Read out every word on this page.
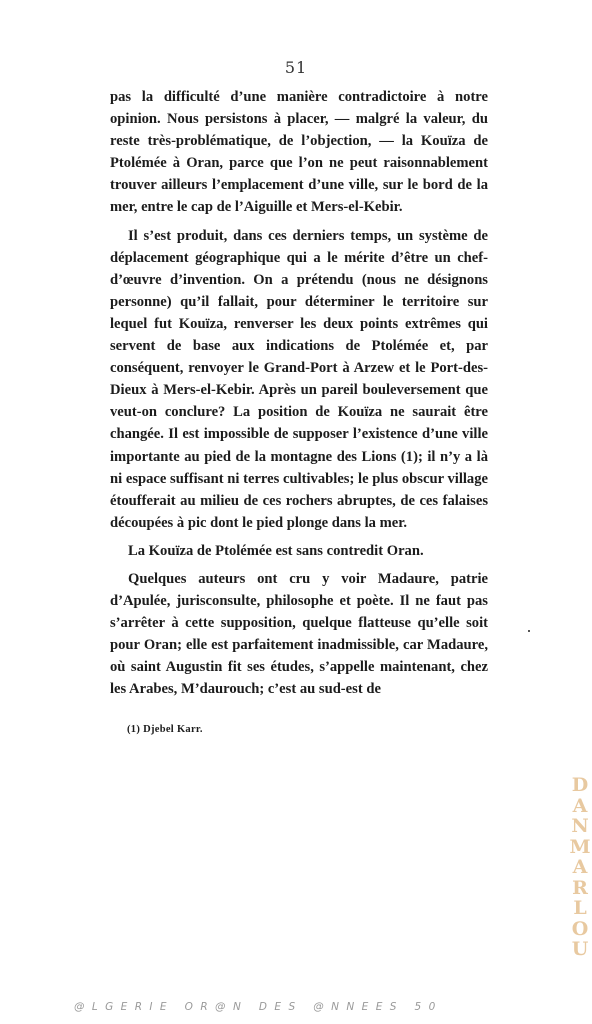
51

pas la difficulté d’une manière contradictoire à notre opinion. Nous persistons à placer, — malgré la valeur, du reste très-problématique, de l’objection, — la Kouïza de Ptolémée à Oran, parce que l’on ne peut raisonnablement trouver ailleurs l’emplacement d’une ville, sur le bord de la mer, entre le cap de l’Aiguille et Mers-el-Kebir.

Il s’est produit, dans ces derniers temps, un système de déplacement géographique qui a le mérite d’être un chef-d’œuvre d’invention. On a prétendu (nous ne désignons personne) qu’il fallait, pour déterminer le territoire sur lequel fut Kouïza, renverser les deux points extrêmes qui servent de base aux indications de Ptolémée et, par conséquent, renvoyer le Grand-Port à Arzew et le Port-des-Dieux à Mers-el-Kebir. Après un pareil bouleversement que veut-on conclure? La position de Kouïza ne saurait être changée. Il est impossible de supposer l’existence d’une ville importante au pied de la montagne des Lions (1); il n’y a là ni espace suffisant ni terres cultivables; le plus obscur village étoufferait au milieu de ces rochers abruptes, de ces falaises découpées à pic dont le pied plonge dans la mer.

La Kouïza de Ptolémée est sans contredit Oran.

Quelques auteurs ont cru y voir Madaure, patrie d’Apulée, jurisconsulte, philosophe et poète. Il ne faut pas s’arrêter à cette supposition, quelque flatteuse qu’elle soit pour Oran; elle est parfaitement inadmissible, car Madaure, où saint Augustin fit ses études, s’appelle maintenant, chez les Arabes, M’daurouch; c’est au sud-est de

(1) Djebel Karr.
D
A
N
M
A
R
L
O
U
@LGERIE OR@N DES @NNEES 50
